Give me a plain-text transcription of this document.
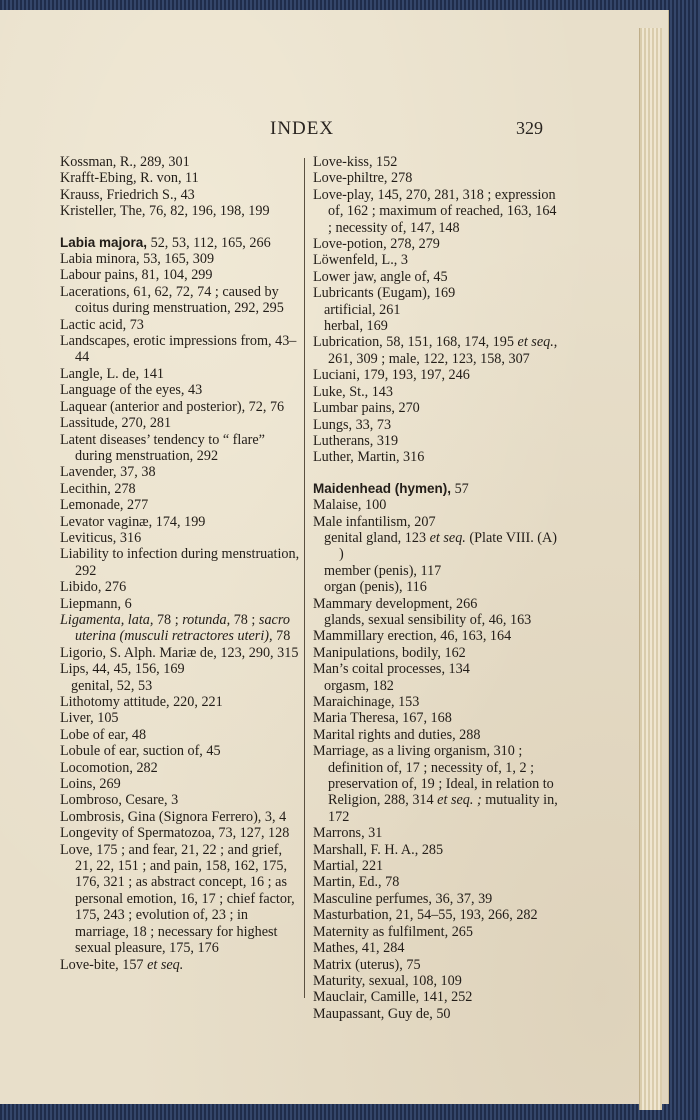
INDEX	329

Kossman, R., 289, 301

Krafft-Ebing, R. von, 11

Krauss, Friedrich S., 43

Kristeller, The, 76, 82, 196, 198, 199

Labia majora, 52, 53, 112, 165, 266

Labia minora, 53, 165, 309

Labour pains, 81, 104, 299

Lacerations, 61, 62, 72, 74 ; caused by coitus during menstruation, 292, 295

Lactic acid, 73

Landscapes, erotic impressions from, 43–44

Langle, L. de, 141

Language of the eyes, 43

Laquear (anterior and posterior), 72, 76

Lassitude, 270, 281

Latent diseases’ tendency to “ flare” during menstruation, 292

Lavender, 37, 38

Lecithin, 278

Lemonade, 277

Levator vaginæ, 174, 199

Leviticus, 316

Liability to infection during menstruation, 292

Libido, 276

Liepmann, 6

Ligamenta, lata, 78 ; rotunda, 78 ; sacro uterina (musculi retractores uteri), 78

Ligorio, S. Alph. Mariæ de, 123, 290, 315

Lips, 44, 45, 156, 169

genital, 52, 53

Lithotomy attitude, 220, 221

Liver, 105

Lobe of ear, 48

Lobule of ear, suction of, 45

Locomotion, 282

Loins, 269

Lombroso, Cesare, 3

Lombrosis, Gina (Signora Ferrero), 3, 4

Longevity of Spermatozoa, 73, 127, 128

Love, 175 ; and fear, 21, 22 ; and grief, 21, 22, 151 ; and pain, 158, 162, 175, 176, 321 ; as abstract concept, 16 ; as personal emotion, 16, 17 ; chief factor, 175, 243 ; evolution of, 23 ; in marriage, 18 ; necessary for highest sexual pleasure, 175, 176

Love-bite, 157 et seq.

Love-kiss, 152

Love-philtre, 278

Love-play, 145, 270, 281, 318 ; expression of, 162 ; maximum of reached, 163, 164 ; necessity of, 147, 148

Love-potion, 278, 279

Löwenfeld, L., 3

Lower jaw, angle of, 45

Lubricants (Eugam), 169

artificial, 261

herbal, 169

Lubrication, 58, 151, 168, 174, 195 et seq., 261, 309 ; male, 122, 123, 158, 307

Luciani, 179, 193, 197, 246

Luke, St., 143

Lumbar pains, 270

Lungs, 33, 73

Lutherans, 319

Luther, Martin, 316

Maidenhead (hymen), 57

Malaise, 100

Male infantilism, 207

genital gland, 123 et seq. (Plate VIII. (A) )

member (penis), 117

organ (penis), 116

Mammary development, 266

glands, sexual sensibility of, 46, 163

Mammillary erection, 46, 163, 164

Manipulations, bodily, 162

Man’s coital processes, 134

orgasm, 182

Maraichinage, 153

Maria Theresa, 167, 168

Marital rights and duties, 288

Marriage, as a living organism, 310 ; definition of, 17 ; necessity of, 1, 2 ; preservation of, 19 ; Ideal, in relation to Religion, 288, 314 et seq. ; mutuality in, 172

Marrons, 31

Marshall, F. H. A., 285

Martial, 221

Martin, Ed., 78

Masculine perfumes, 36, 37, 39

Masturbation, 21, 54–55, 193, 266, 282

Maternity as fulfilment, 265

Mathes, 41, 284

Matrix (uterus), 75

Maturity, sexual, 108, 109

Mauclair, Camille, 141, 252

Maupassant, Guy de, 50
